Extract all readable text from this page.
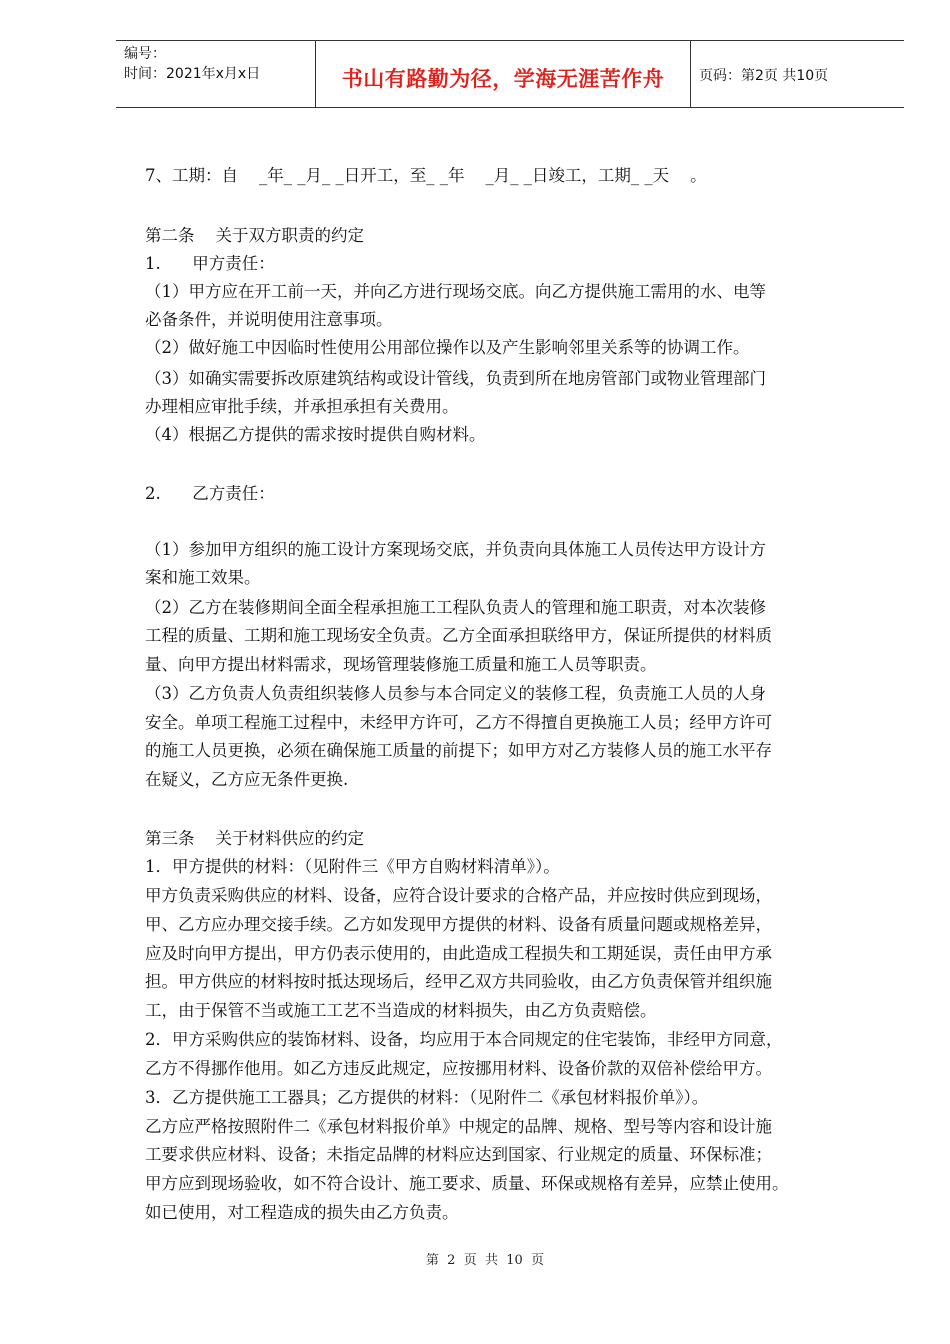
编号：
时间：2021年x月x日	书山有路勤为径，学海无涯苦作舟	页码：第2页 共10页
7、工期：自    _年_ _月_ _日开工，至_ _年    _月_ _日竣工，工期_ _天    。
第二条    关于双方职责的约定
1.      甲方责任：
（1）甲方应在开工前一天，并向乙方进行现场交底。向乙方提供施工需用的水、电等
必备条件，并说明使用注意事项。
（2）做好施工中因临时性使用公用部位操作以及产生影响邻里关系等的协调工作。
（3）如确实需要拆改原建筑结构或设计管线，负责到所在地房管部门或物业管理部门
办理相应审批手续，并承担承担有关费用。
（4）根据乙方提供的需求按时提供自购材料。
2.      乙方责任：
（1）参加甲方组织的施工设计方案现场交底，并负责向具体施工人员传达甲方设计方
案和施工效果。
（2）乙方在装修期间全面全程承担施工工程队负责人的管理和施工职责，对本次装修
工程的质量、工期和施工现场安全负责。乙方全面承担联络甲方，保证所提供的材料质
量、向甲方提出材料需求，现场管理装修施工质量和施工人员等职责。
（3）乙方负责人负责组织装修人员参与本合同定义的装修工程，负责施工人员的人身
安全。单项工程施工过程中，未经甲方许可，乙方不得擅自更换施工人员；经甲方许可
的施工人员更换，必须在确保施工质量的前提下；如甲方对乙方装修人员的施工水平存
在疑义，乙方应无条件更换.
第三条    关于材料供应的约定
1．甲方提供的材料：（见附件三《甲方自购材料清单》）。
甲方负责采购供应的材料、设备，应符合设计要求的合格产品，并应按时供应到现场，
甲、乙方应办理交接手续。乙方如发现甲方提供的材料、设备有质量问题或规格差异，
应及时向甲方提出，甲方仍表示使用的，由此造成工程损失和工期延误，责任由甲方承
担。甲方供应的材料按时抵达现场后，经甲乙双方共同验收，由乙方负责保管并组织施
工，由于保管不当或施工工艺不当造成的材料损失，由乙方负责赔偿。
2．甲方采购供应的装饰材料、设备，均应用于本合同规定的住宅装饰，非经甲方同意，
乙方不得挪作他用。如乙方违反此规定，应按挪用材料、设备价款的双倍补偿给甲方。
3．乙方提供施工工器具；乙方提供的材料：（见附件二《承包材料报价单》）。
乙方应严格按照附件二《承包材料报价单》中规定的品牌、规格、型号等内容和设计施
工要求供应材料、设备；未指定品牌的材料应达到国家、行业规定的质量、环保标准；
甲方应到现场验收，如不符合设计、施工要求、质量、环保或规格有差异，应禁止使用。
如已使用，对工程造成的损失由乙方负责。
第  2  页  共  10  页
